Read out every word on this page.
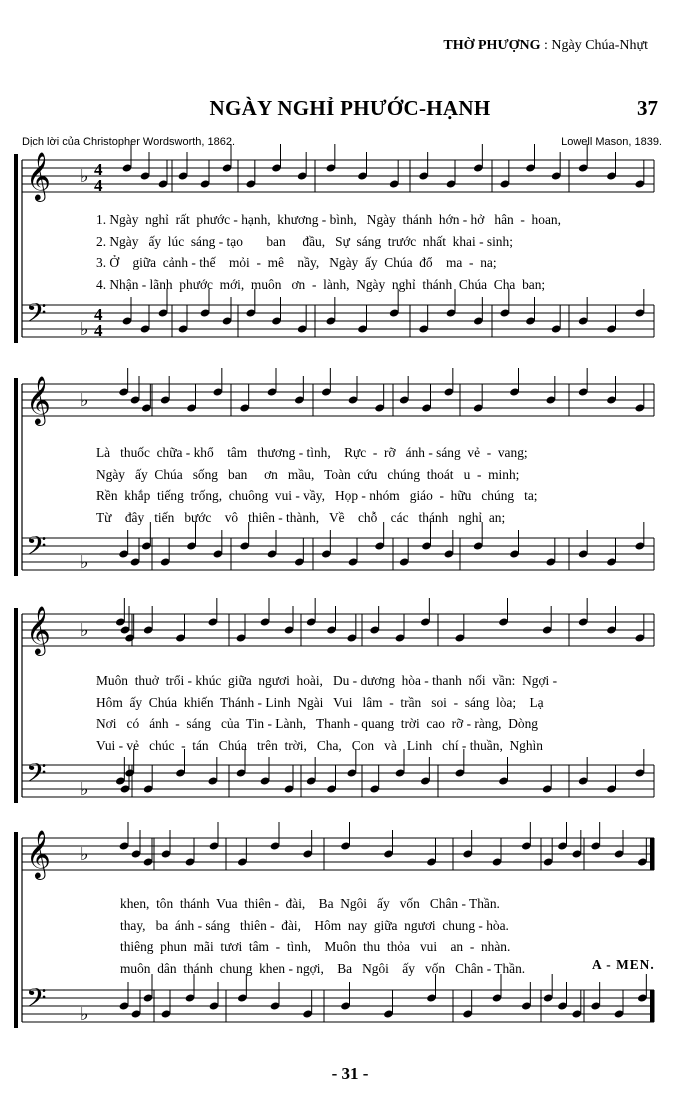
THỜ PHƯỢNG : Ngày Chúa-Nhựt
NGÀY NGHỈ PHƯỚC-HẠNH	37
Dịch lời của Christopher Wordsworth, 1862.	Lowell Mason, 1839.
𝄞 ♭ 4
4
𝄢 ♭
4
4
1. Ngày  nghỉ  rất  phước - hạnh,  khương - bình,   Ngày  thánh  hớn - hở   hân  -  hoan,
2. Ngày   ấy  lúc  sáng - tạo       ban     đầu,   Sự  sáng  trước  nhất  khai - sinh;
3. Ở    giữa  cảnh - thế    mỏi  -  mê    nầy,   Ngày  ấy  Chúa  đổ    ma  -  na;
4. Nhận - lãnh  phước  mới,  muôn   ơn  -  lành,  Ngày  nghỉ  thánh  Chúa  Cha  ban;
𝄞 ♭
𝄢 ♭
Là   thuốc  chữa - khổ    tâm   thương - tình,    Rực  -  rỡ   ánh - sáng  vẻ  -  vang;
Ngày   ấy  Chúa   sống   ban     ơn   mầu,   Toàn  cứu   chúng  thoát   u  -  minh;
Rền  khắp  tiếng  trống,  chuông  vui - vầy,   Họp - nhóm   giáo  -  hữu   chúng   ta;
Từ    đây   tiến   bước    vô   thiên - thành,   Về    chỗ    các   thánh   nghỉ  an;
𝄞 ♭
𝄢 ♭
Muôn  thuở  trổi - khúc  giữa  ngươi  hoài,   Du - dương  hòa - thanh  nối  vần:  Ngợi -
Hôm  ấy  Chúa  khiến  Thánh - Linh  Ngài   Vui   lâm  -  trần   soi  -  sáng  lòa;    Lạ
Nơi   có   ánh  -  sáng   của  Tin - Lành,   Thanh - quang  trời  cao  rỡ - ràng,  Dòng
Vui - vẻ   chúc  -  tán   Chúa   trên  trời,   Cha,   Con   và   Linh   chí - thuần,  Nghìn
𝄞 ♭
𝄢 ♭
khen,  tôn  thánh  Vua  thiên -  đài,    Ba  Ngôi   ấy   vốn   Chân - Thần.
thay,   ba  ánh - sáng   thiên -  đài,    Hôm  nay  giữa  ngươi  chung - hòa.
thiêng  phun  mãi  tươi  tâm  -  tình,    Muôn  thu  thỏa   vui    an  -  nhàn.
muôn  dân  thánh  chung  khen - ngợi,    Ba   Ngôi    ấy   vốn   Chân - Thần.	A - MEN.
- 31 -
